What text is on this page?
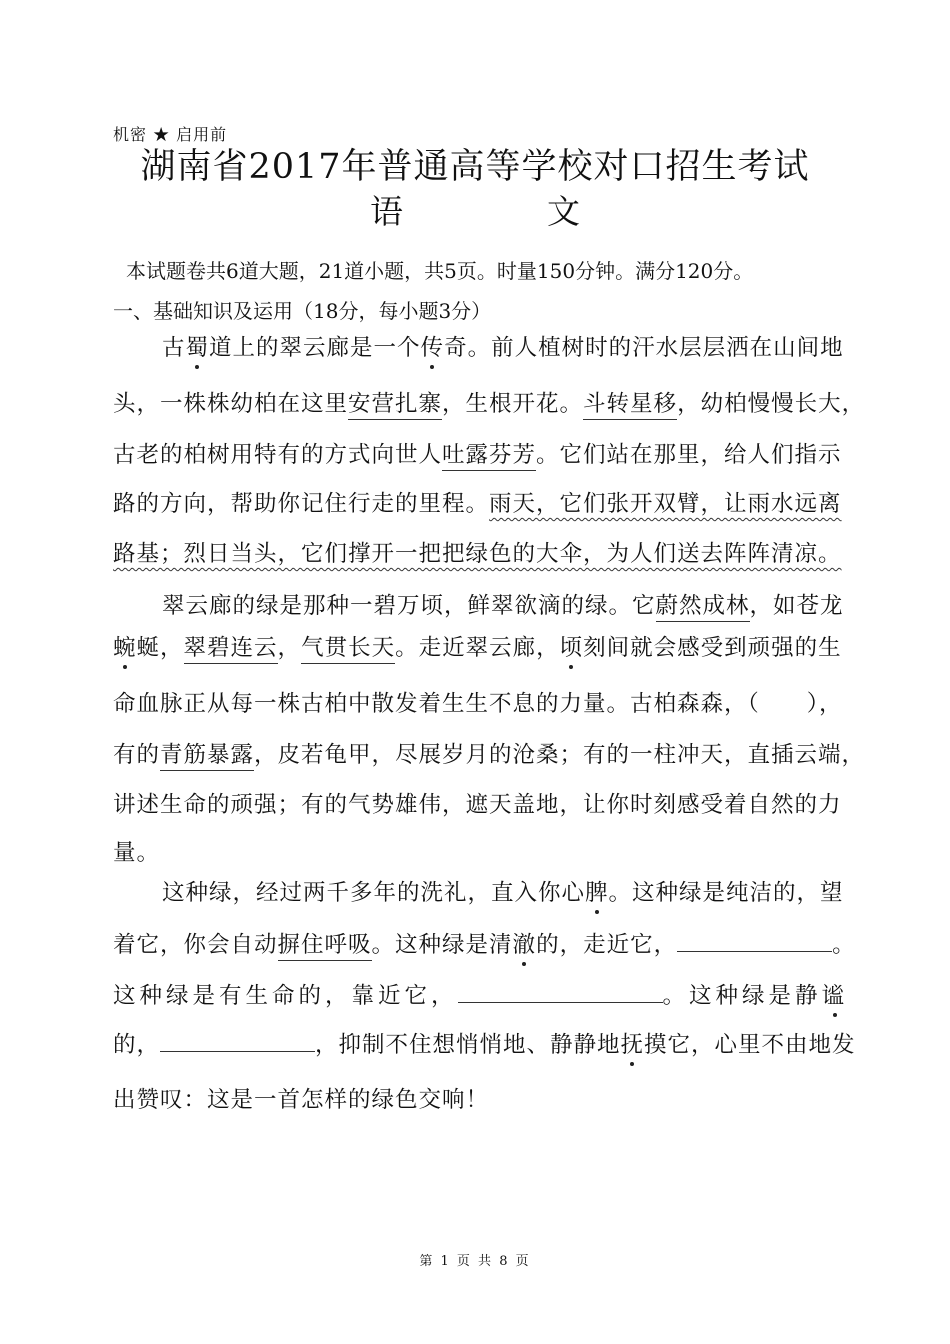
机密 ★ 启用前
湖南省2017年普通高等学校对口招生考试
语	文
本试题卷共6道大题，21道小题，共5页。时量150分钟。满分120分。
一、基础知识及运用（18分，每小题3分）
古蜀道上的翠云廊是一个传奇。前人植树时的汗水层层洒在山间地
头，一株株幼柏在这里安营扎寨，生根开花。斗转星移，幼柏慢慢长大，
古老的柏树用特有的方式向世人吐露芬芳。它们站在那里，给人们指示
路的方向，帮助你记住行走的里程。雨天，它们张开双臂，让雨水远离
路基；烈日当头，它们撑开一把把绿色的大伞，为人们送去阵阵清凉。
翠云廊的绿是那种一碧万顷，鲜翠欲滴的绿。它蔚然成林，如苍龙
蜿蜒，翠碧连云，气贯长天。走近翠云廊，顷刻间就会感受到顽强的生
命血脉正从每一株古柏中散发着生生不息的力量。古柏森森，（　　），
有的青筋暴露，皮若龟甲，尽展岁月的沧桑；有的一柱冲天，直插云端，
讲述生命的顽强；有的气势雄伟，遮天盖地，让你时刻感受着自然的力
量。
这种绿，经过两千多年的洗礼，直入你心脾。这种绿是纯洁的，望
着它，你会自动摒住呼吸。这种绿是清澈的，走近它，	。
这种绿是有生命的，靠近它，	。这种绿是静谧
的，	，抑制不住想悄悄地、静静地抚摸它，心里不由地发
出赞叹：这是一首怎样的绿色交响！
第 1 页 共 8 页
